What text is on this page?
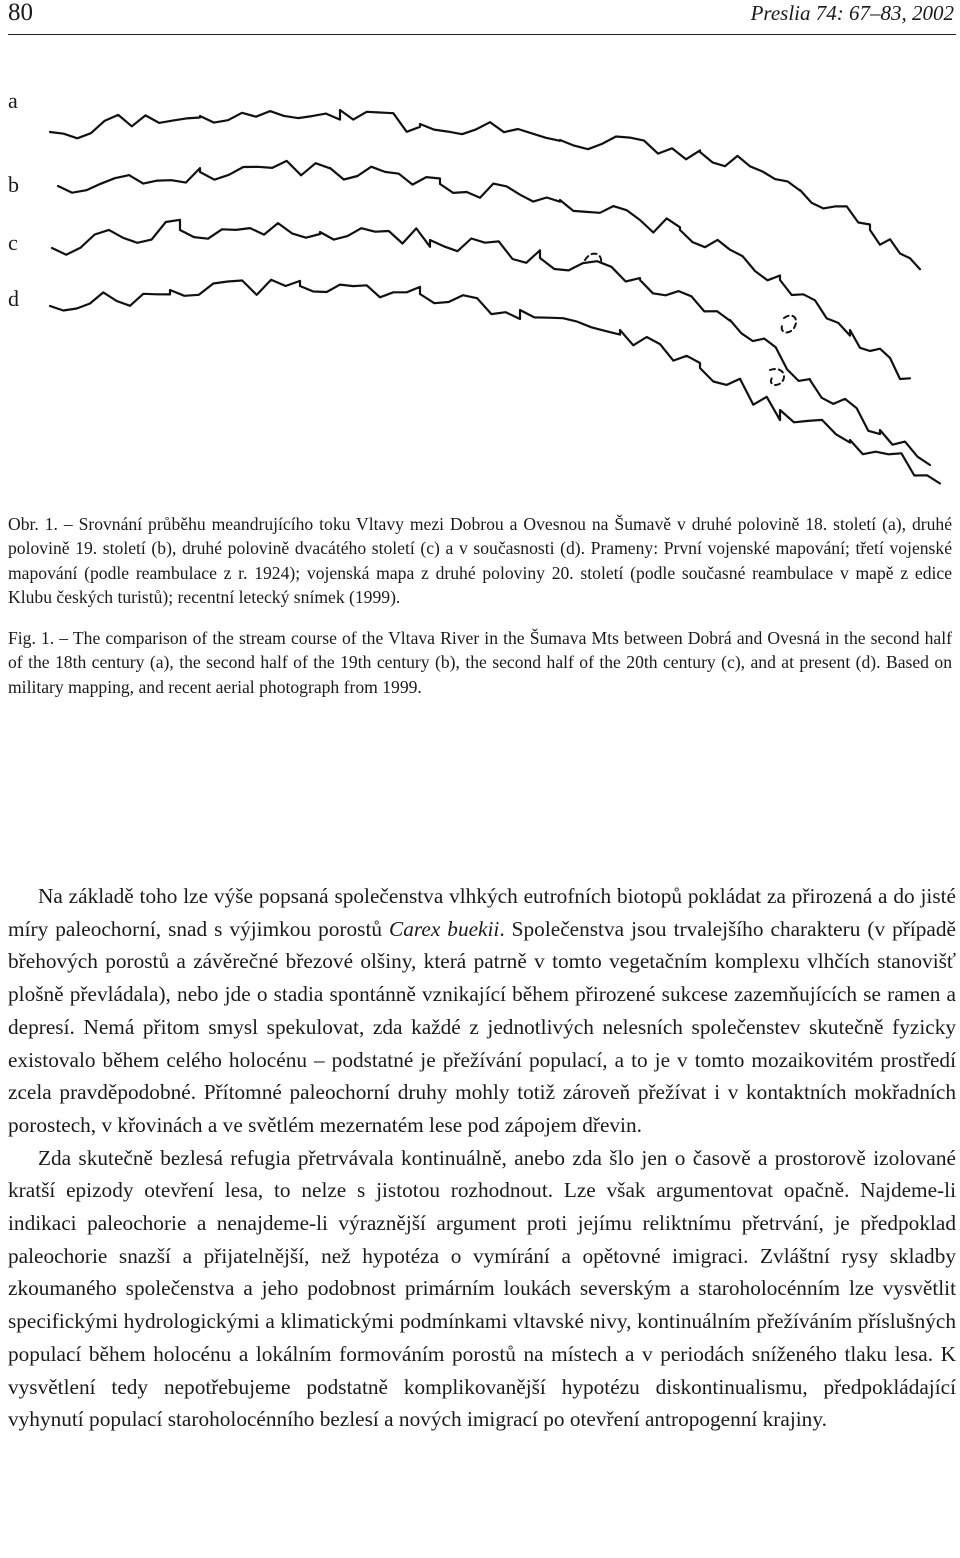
80	Preslia 74: 67–83, 2002
a
b
c
d
Obr. 1. – Srovnání průběhu meandrujícího toku Vltavy mezi Dobrou a Ovesnou na Šumavě v druhé polovině 18. století (a), druhé polovině 19. století (b), druhé polovině dvacátého století (c) a v současnosti (d). Prameny: První vojenské mapování; třetí vojenské mapování (podle reambulace z r. 1924); vojenská mapa z druhé poloviny 20. století (podle současné reambulace v mapě z edice Klubu českých turistů); recentní letecký snímek (1999).
Fig. 1. – The comparison of the stream course of the Vltava River in the Šumava Mts between Dobrá and Ovesná in the second half of the 18th century (a), the second half of the 19th century (b), the second half of the 20th century (c), and at present (d). Based on military mapping, and recent aerial photograph from 1999.

Na základě toho lze výše popsaná společenstva vlhkých eutrofních biotopů pokládat za přirozená a do jisté míry paleochorní, snad s výjimkou porostů Carex buekii. Společenstva jsou trvalejšího charakteru (v případě břehových porostů a závěrečné březové olšiny, která patrně v tomto vegetačním komplexu vlhčích stanovišť plošně převládala), nebo jde o stadia spontánně vznikající během přirozené sukcese zazemňujících se ramen a depresí. Nemá přitom smysl spekulovat, zda každé z jednotlivých nelesních společenstev skutečně fyzicky existovalo během celého holocénu – podstatné je přežívání populací, a to je v tomto mozaikovitém prostředí zcela pravděpodobné. Přítomné paleochorní druhy mohly totiž zároveň přežívat i v kontaktních mokřadních porostech, v křovinách a ve světlém mezernatém lese pod zápojem dřevin.

Zda skutečně bezlesá refugia přetrvávala kontinuálně, anebo zda šlo jen o časově a prostorově izolované kratší epizody otevření lesa, to nelze s jistotou rozhodnout. Lze však argumentovat opačně. Najdeme-li indikaci paleochorie a nenajdeme-li výraznější argument proti jejímu reliktnímu přetrvání, je předpoklad paleochorie snazší a přijatelnější, než hypotéza o vymírání a opětovné imigraci. Zvláštní rysy skladby zkoumaného společenstva a jeho podobnost primárním loukách severským a staroholocénním lze vysvětlit specifickými hydrologickými a klimatickými podmínkami vltavské nivy, kontinuálním přežíváním příslušných populací během holocénu a lokálním formováním porostů na místech a v periodách sníženého tlaku lesa. K vysvětlení tedy nepotřebujeme podstatně komplikovanější hypotézu diskontinualismu, předpokládající vyhynutí populací staroholocénního bezlesí a nových imigrací po otevření antropogenní krajiny.
